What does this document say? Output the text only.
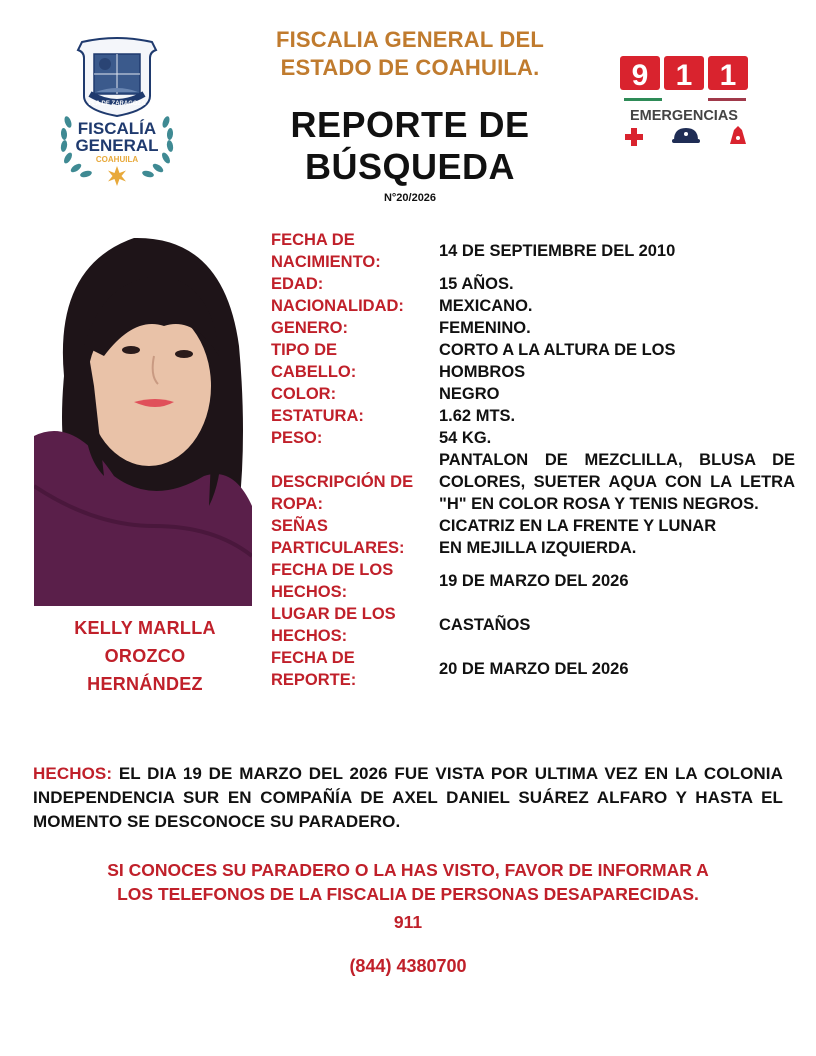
FLA DE ZARAGOZA
FISCALÍA
GENERAL
COAHUILA
9 1 1
EMERGENCIAS
FISCALIA GENERAL DEL
ESTADO DE COAHUILA.
REPORTE DE
BÚSQUEDA
N°20/2026
KELLY MARLLA
OROZCO
HERNÁNDEZ
FECHA DE
NACIMIENTO:
14 DE SEPTIEMBRE DEL 2010
EDAD:	15 AÑOS.
NACIONALIDAD:	MEXICANO.
GENERO:	FEMENINO.
TIPO DE
CABELLO:
CORTO A LA ALTURA DE LOS
HOMBROS
COLOR:	NEGRO
ESTATURA:	1.62 MTS.
PESO:	54 KG.
DESCRIPCIÓN DE
ROPA:
PANTALON DE MEZCLILLA, BLUSA DE COLORES, SUETER AQUA CON LA LETRA "H" EN COLOR ROSA Y TENIS NEGROS.
SEÑAS
PARTICULARES:
CICATRIZ EN LA FRENTE Y LUNAR
EN MEJILLA IZQUIERDA.
FECHA DE LOS
HECHOS:
19 DE MARZO DEL 2026
LUGAR DE LOS
HECHOS:
CASTAÑOS
FECHA DE
REPORTE:
20 DE MARZO DEL 2026
HECHOS: EL DIA 19 DE MARZO DEL 2026 FUE VISTA POR ULTIMA VEZ EN LA COLONIA INDEPENDENCIA SUR EN COMPAÑÍA DE AXEL DANIEL SUÁREZ ALFARO Y HASTA EL MOMENTO SE DESCONOCE SU PARADERO.
SI CONOCES SU PARADERO O LA HAS VISTO, FAVOR DE INFORMAR A
LOS TELEFONOS DE LA FISCALIA DE PERSONAS DESAPARECIDAS.
911
(844) 4380700
